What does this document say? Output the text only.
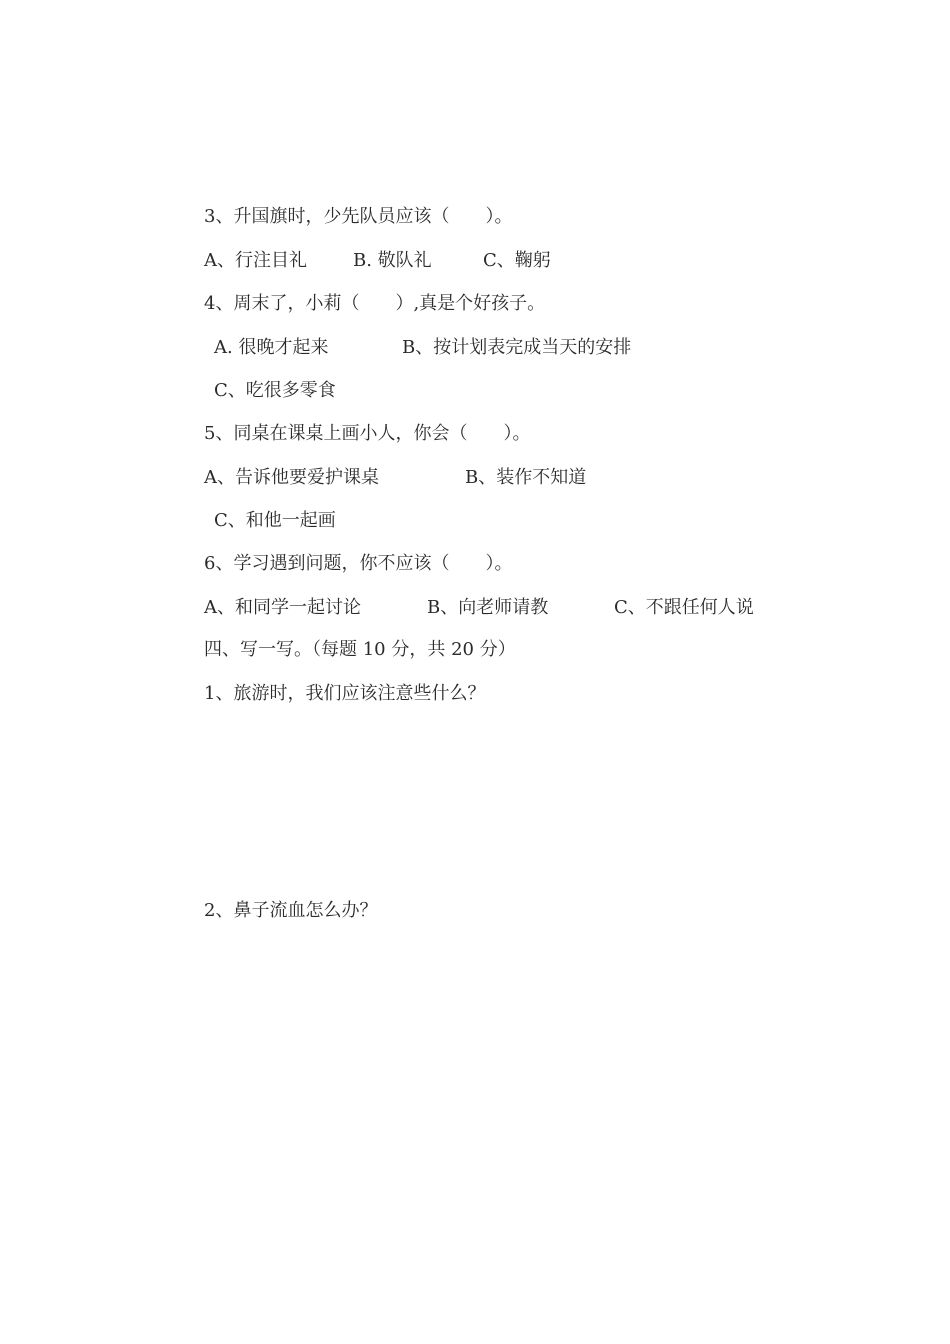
3、升国旗时，少先队员应该（　　）。
A、行注目礼	B. 敬队礼	C、鞠躬
4、周末了，小莉（　　）,真是个好孩子。
A. 很晚才起来	B、按计划表完成当天的安排
C、吃很多零食
5、同桌在课桌上画小人，你会（　　）。
A、告诉他要爱护课桌	B、装作不知道
C、和他一起画
6、学习遇到问题，你不应该（　　）。
A、和同学一起讨论	B、向老师请教	C、不跟任何人说
四、写一写。（每题 10 分，共 20 分）
1、旅游时，我们应该注意些什么？
2、鼻子流血怎么办？
